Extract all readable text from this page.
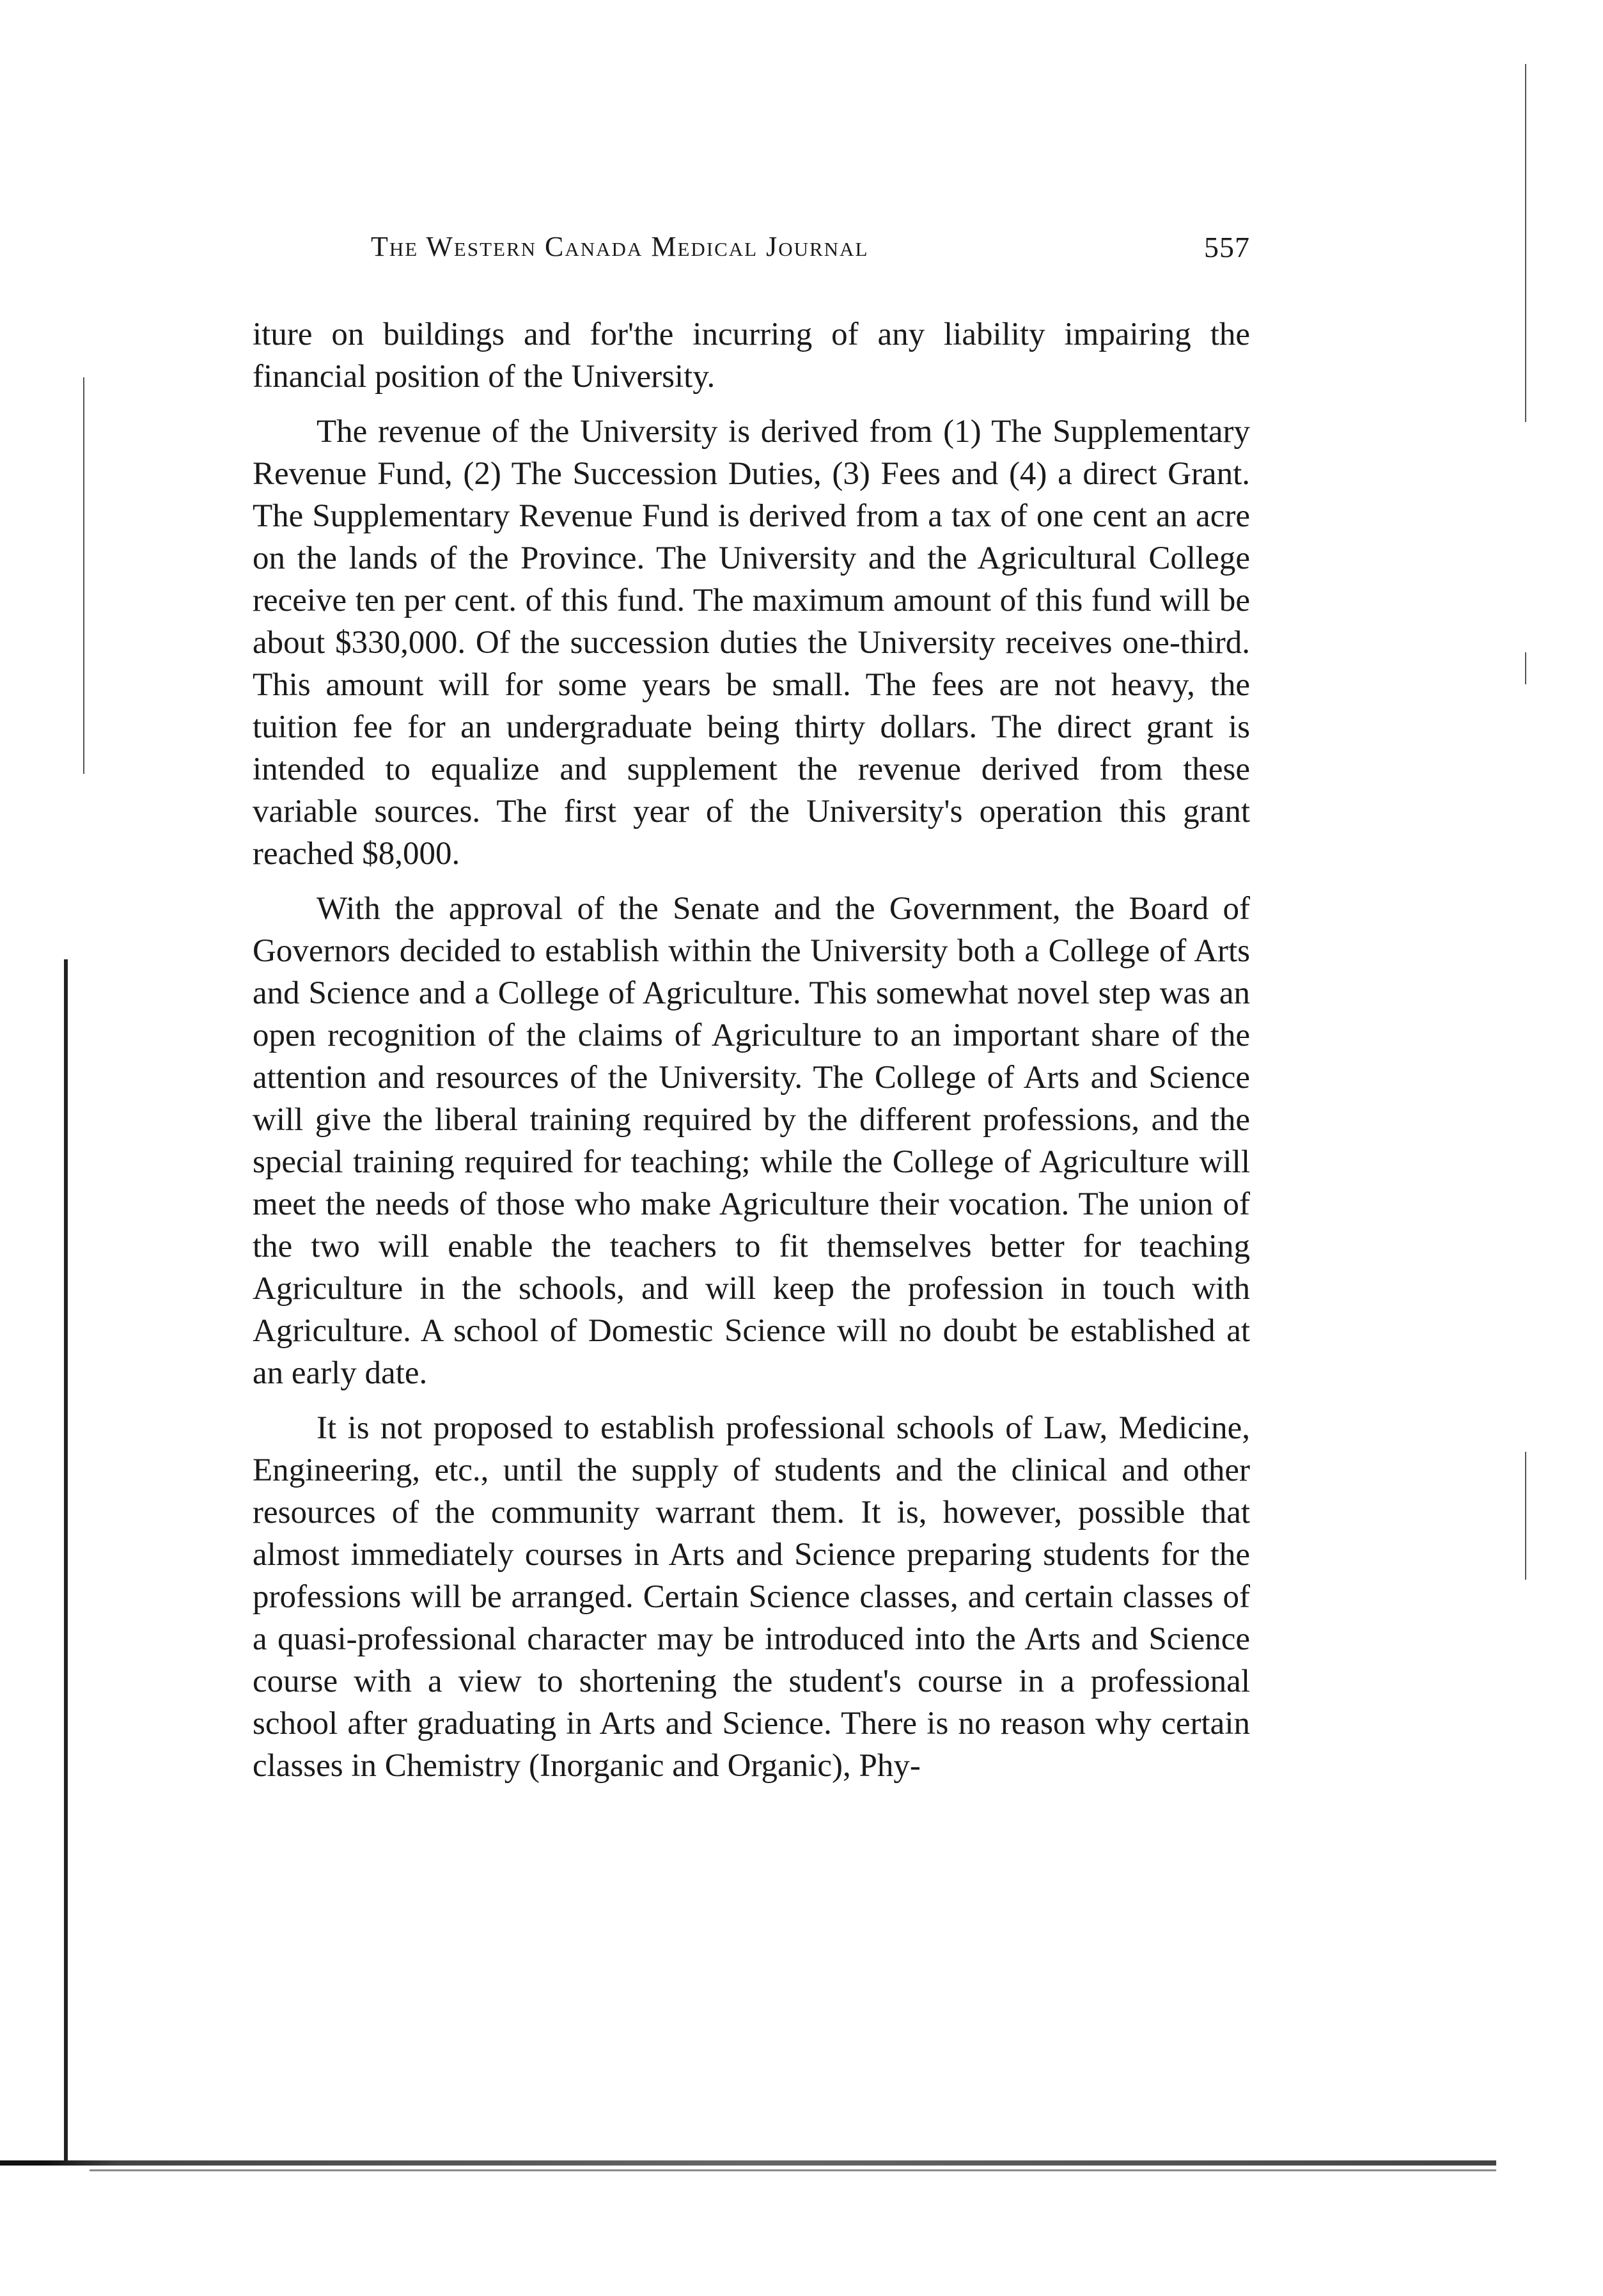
The Western Canada Medical Journal	557

iture on buildings and for'the incurring of any liability impairing the financial position of the University.

The revenue of the University is derived from (1) The Supplementary Revenue Fund, (2) The Succession Duties, (3) Fees and (4) a direct Grant. The Supplementary Revenue Fund is derived from a tax of one cent an acre on the lands of the Province. The University and the Agricultural College receive ten per cent. of this fund. The maximum amount of this fund will be about $330,000. Of the succession duties the University receives one-third. This amount will for some years be small. The fees are not heavy, the tuition fee for an undergraduate being thirty dollars. The direct grant is intended to equalize and supplement the revenue derived from these variable sources. The first year of the University's operation this grant reached $8,000.

With the approval of the Senate and the Government, the Board of Governors decided to establish within the University both a College of Arts and Science and a College of Agriculture. This somewhat novel step was an open recognition of the claims of Agriculture to an important share of the attention and resources of the University. The College of Arts and Science will give the liberal training required by the different professions, and the special training required for teaching; while the College of Agriculture will meet the needs of those who make Agriculture their vocation. The union of the two will enable the teachers to fit themselves better for teaching Agriculture in the schools, and will keep the profession in touch with Agriculture. A school of Domestic Science will no doubt be established at an early date.

It is not proposed to establish professional schools of Law, Medicine, Engineering, etc., until the supply of students and the clinical and other resources of the community warrant them. It is, however, possible that almost immediately courses in Arts and Science preparing students for the professions will be arranged. Certain Science classes, and certain classes of a quasi-professional character may be introduced into the Arts and Science course with a view to shortening the student's course in a professional school after graduating in Arts and Science. There is no reason why certain classes in Chemistry (Inorganic and Organic), Phy-
